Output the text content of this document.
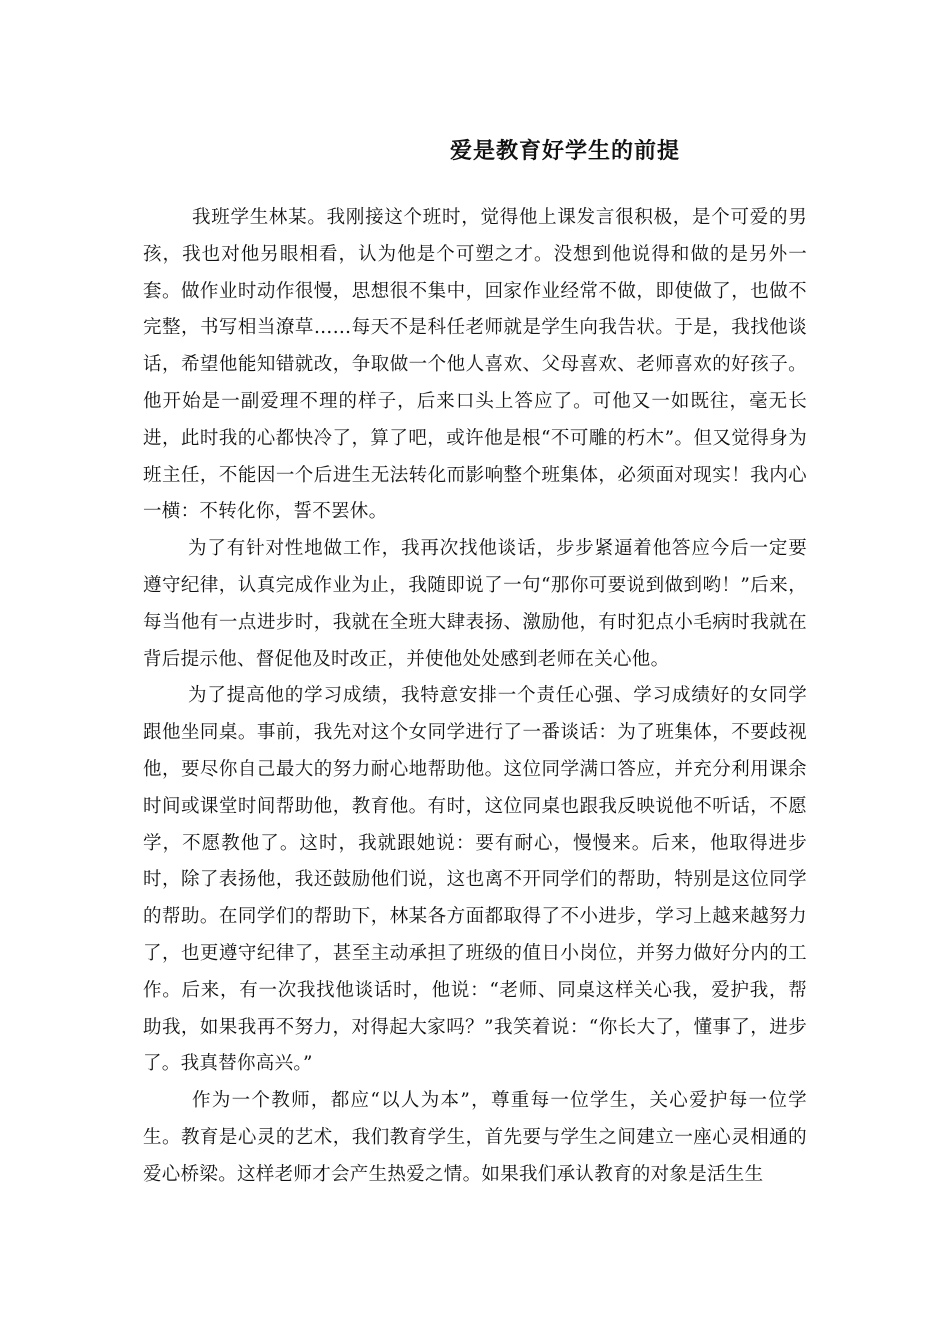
爱是教育好学生的前提

我班学生林某。我刚接这个班时，觉得他上课发言很积极，是个可爱的男孩，我也对他另眼相看，认为他是个可塑之才。没想到他说得和做的是另外一套。做作业时动作很慢，思想很不集中，回家作业经常不做，即使做了，也做不完整，书写相当潦草……每天不是科任老师就是学生向我告状。于是，我找他谈话，希望他能知错就改，争取做一个他人喜欢、父母喜欢、老师喜欢的好孩子。他开始是一副爱理不理的样子，后来口头上答应了。可他又一如既往，毫无长进，此时我的心都快冷了，算了吧，或许他是根“不可雕的朽木”。但又觉得身为班主任，不能因一个后进生无法转化而影响整个班集体，必须面对现实！我内心一横：不转化你，誓不罢休。

为了有针对性地做工作，我再次找他谈话，步步紧逼着他答应今后一定要遵守纪律，认真完成作业为止，我随即说了一句“那你可要说到做到哟！”后来，每当他有一点进步时，我就在全班大肆表扬、激励他，有时犯点小毛病时我就在背后提示他、督促他及时改正，并使他处处感到老师在关心他。

为了提高他的学习成绩，我特意安排一个责任心强、学习成绩好的女同学跟他坐同桌。事前，我先对这个女同学进行了一番谈话：为了班集体，不要歧视他，要尽你自己最大的努力耐心地帮助他。这位同学满口答应，并充分利用课余时间或课堂时间帮助他，教育他。有时，这位同桌也跟我反映说他不听话，不愿学，不愿教他了。这时，我就跟她说：要有耐心，慢慢来。后来，他取得进步时，除了表扬他，我还鼓励他们说，这也离不开同学们的帮助，特别是这位同学的帮助。在同学们的帮助下，林某各方面都取得了不小进步，学习上越来越努力了，也更遵守纪律了，甚至主动承担了班级的值日小岗位，并努力做好分内的工作。后来，有一次我找他谈话时，他说：“老师、同桌这样关心我，爱护我，帮助我，如果我再不努力，对得起大家吗？”我笑着说：“你长大了，懂事了，进步了。我真替你高兴。”

作为一个教师，都应“以人为本”，尊重每一位学生，关心爱护每一位学生。教育是心灵的艺术，我们教育学生，首先要与学生之间建立一座心灵相通的爱心桥梁。这样老师才会产生热爱之情。如果我们承认教育的对象是活生生
